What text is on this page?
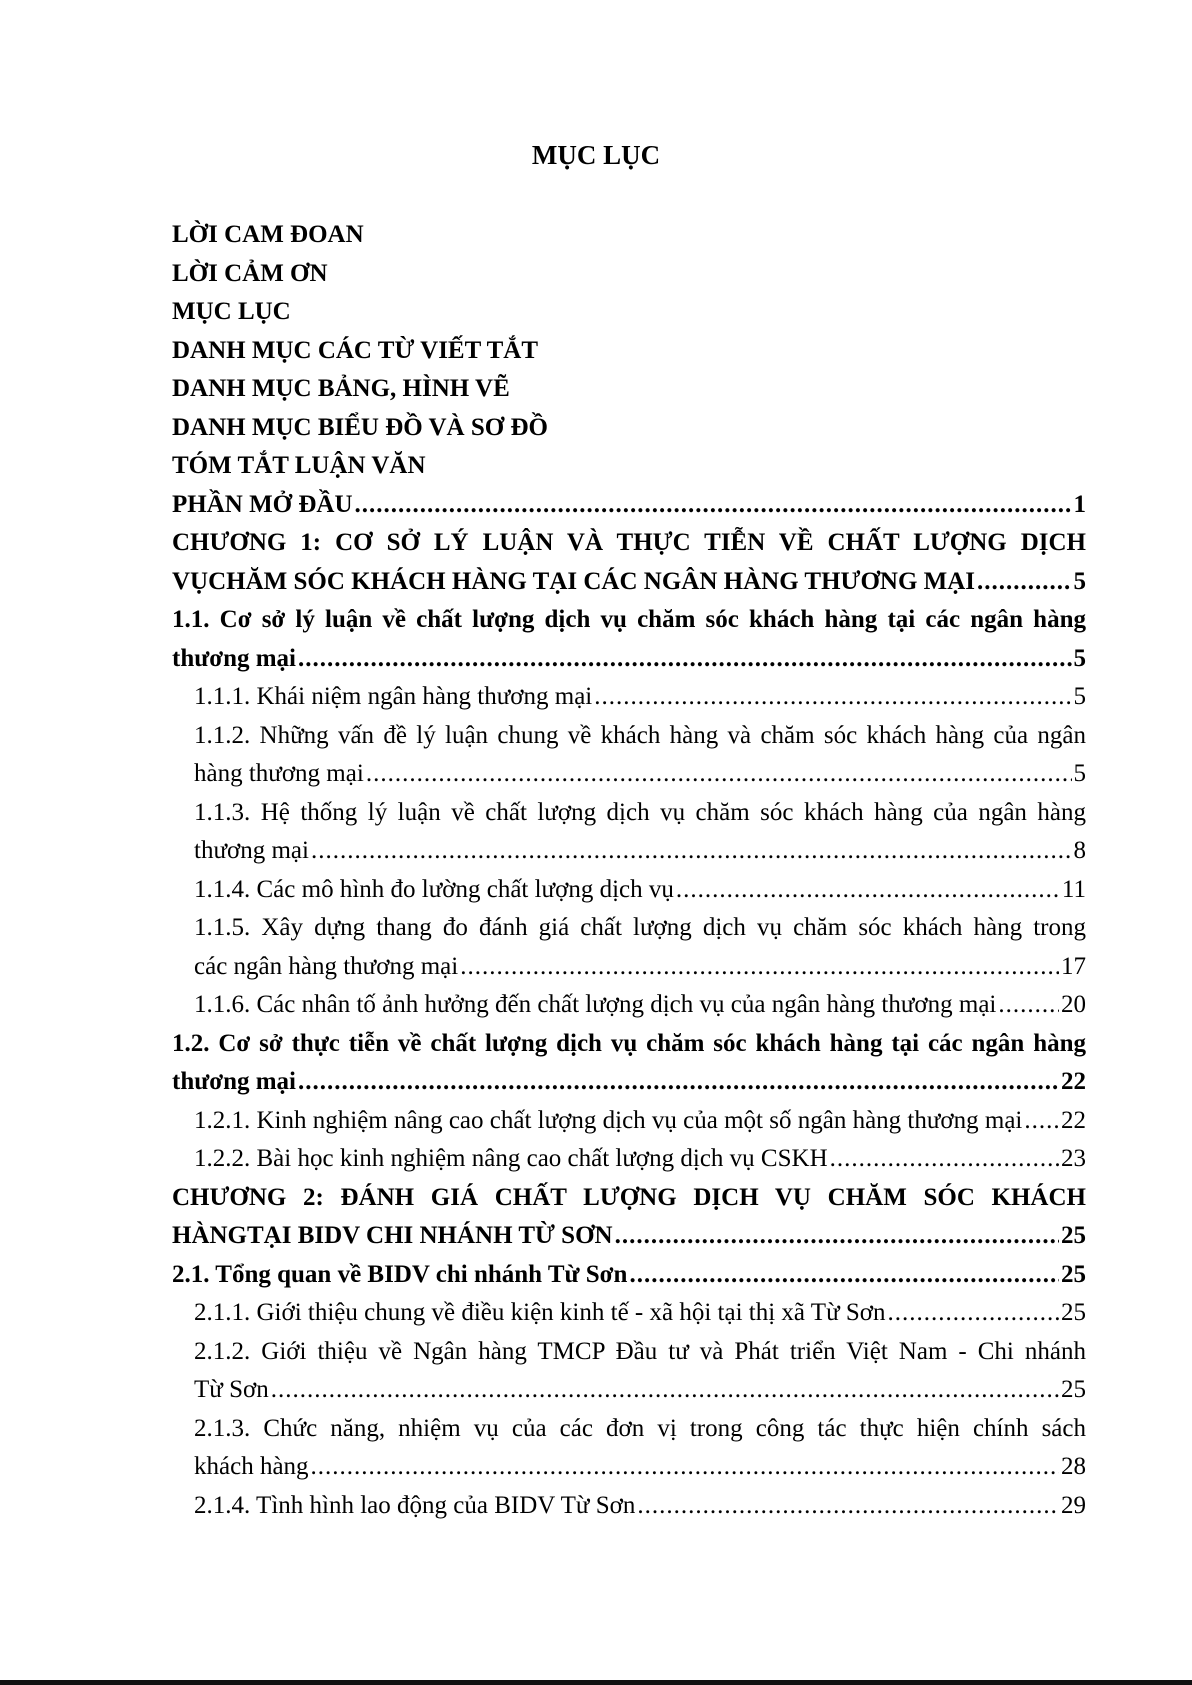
MỤC LỤC
LỜI CAM ĐOAN
LỜI CẢM ƠN
MỤC LỤC
DANH MỤC CÁC TỪ VIẾT TẮT
DANH MỤC BẢNG, HÌNH VẼ
DANH MỤC BIỂU ĐỒ VÀ SƠ ĐỒ
TÓM TẮT LUẬN VĂN
PHẦN MỞ ĐẦU .....	1
CHƯƠNG 1: CƠ SỞ LÝ LUẬN VÀ THỰC TIỄN VỀ CHẤT LƯỢNG DỊCH
VỤCHĂM SÓC KHÁCH HÀNG TẠI CÁC NGÂN HÀNG THƯƠNG MẠI .....	5
1.1. Cơ sở lý luận về chất lượng dịch vụ chăm sóc khách hàng tại các ngân hàng
thương mại .....	5
1.1.1. Khái niệm ngân hàng thương mại .....	5
1.1.2. Những vấn đề lý luận chung về khách hàng và chăm sóc khách hàng của ngân
hàng thương mại .....	5
1.1.3. Hệ thống lý luận về chất lượng dịch vụ chăm sóc khách hàng của ngân hàng
thương mại .....	8
1.1.4. Các mô hình đo lường chất lượng dịch vụ .....	11
1.1.5. Xây dựng thang đo đánh giá chất lượng dịch vụ chăm sóc khách hàng trong
các ngân hàng thương mại .....	17
1.1.6. Các nhân tố ảnh hưởng đến chất lượng dịch vụ của ngân hàng thương mại .....	20
1.2. Cơ sở thực tiễn về chất lượng dịch vụ chăm sóc khách hàng tại các ngân hàng
thương mại .....	22
1.2.1. Kinh nghiệm nâng cao chất lượng dịch vụ của một số ngân hàng thương mại ..... 22
1.2.2. Bài học kinh nghiệm nâng cao chất lượng dịch vụ CSKH .....	23
CHƯƠNG 2: ĐÁNH GIÁ CHẤT LƯỢNG DỊCH VỤ CHĂM SÓC KHÁCH
HÀNGTẠI BIDV CHI NHÁNH TỪ SƠN .....	25
2.1. Tổng quan về BIDV chi nhánh Từ Sơn .....	25
2.1.1. Giới thiệu chung về điều kiện kinh tế - xã hội tại thị xã Từ Sơn .....	25
2.1.2. Giới thiệu về Ngân hàng TMCP Đầu tư và Phát triển Việt Nam - Chi nhánh
Từ Sơn .....	25
2.1.3. Chức năng, nhiệm vụ của các đơn vị trong công tác thực hiện chính sách
khách hàng .....	28
2.1.4. Tình hình lao động của BIDV Từ Sơn .....	29
